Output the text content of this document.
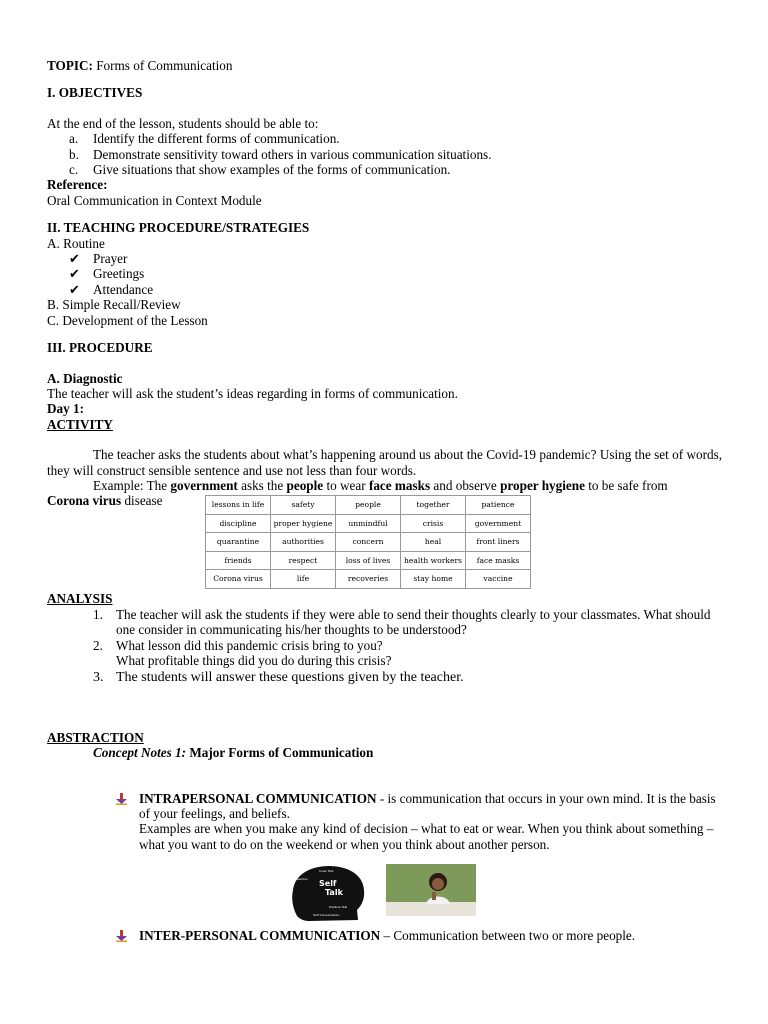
TOPIC: Forms of Communication
I. OBJECTIVES
At the end of the lesson, students should be able to:
a.	Identify the different forms of communication.
b.	Demonstrate sensitivity toward others in various communication situations.
c.	Give situations that show examples of the forms of communication.
Reference:
Oral Communication in Context Module
II. TEACHING PROCEDURE/STRATEGIES
A. Routine
✔ Prayer
✔ Greetings
✔ Attendance
B. Simple Recall/Review
C. Development of the Lesson
III. PROCEDURE
A. Diagnostic
The teacher will ask the student’s ideas regarding in forms of communication.
Day 1:
ACTIVITY
The teacher asks the students about what’s happening around us about the Covid-19 pandemic? Using the set of words, they will construct sensible sentence and use not less than four words.
Example: The government asks the people to wear face masks and observe proper hygiene to be safe from
Corona virus disease	lessons in life	safety	people	together	patience
discipline	proper hygiene	unmindful	crisis	government
quarantine	authorities	concern	heal	front liners
friends	respect	loss of lives	health workers	face masks
Corona virus	life	recoveries	stay home	vaccine
ANALYSIS
1. The teacher will ask the students if they were able to send their thoughts clearly to your classmates. What should one consider in communicating his/her thoughts to be understood?
2. What lesson did this pandemic crisis bring to you?
What profitable things did you do during this crisis?
3. The students will answer these questions given by the teacher.
ABSTRACTION
Concept Notes 1: Major Forms of Communication
INTRAPERSONAL COMMUNICATION - is communication that occurs in your own mind. It is the basis of your feelings, and beliefs.
Examples are when you make any kind of decision – what to eat or wear. When you think about something – what you want to do on the weekend or when you think about another person.
Self
Talk
Inner Talk
Reaction
Positive Talk
Self Conversation
INTER-PERSONAL COMMUNICATION – Communication between two or more people.
